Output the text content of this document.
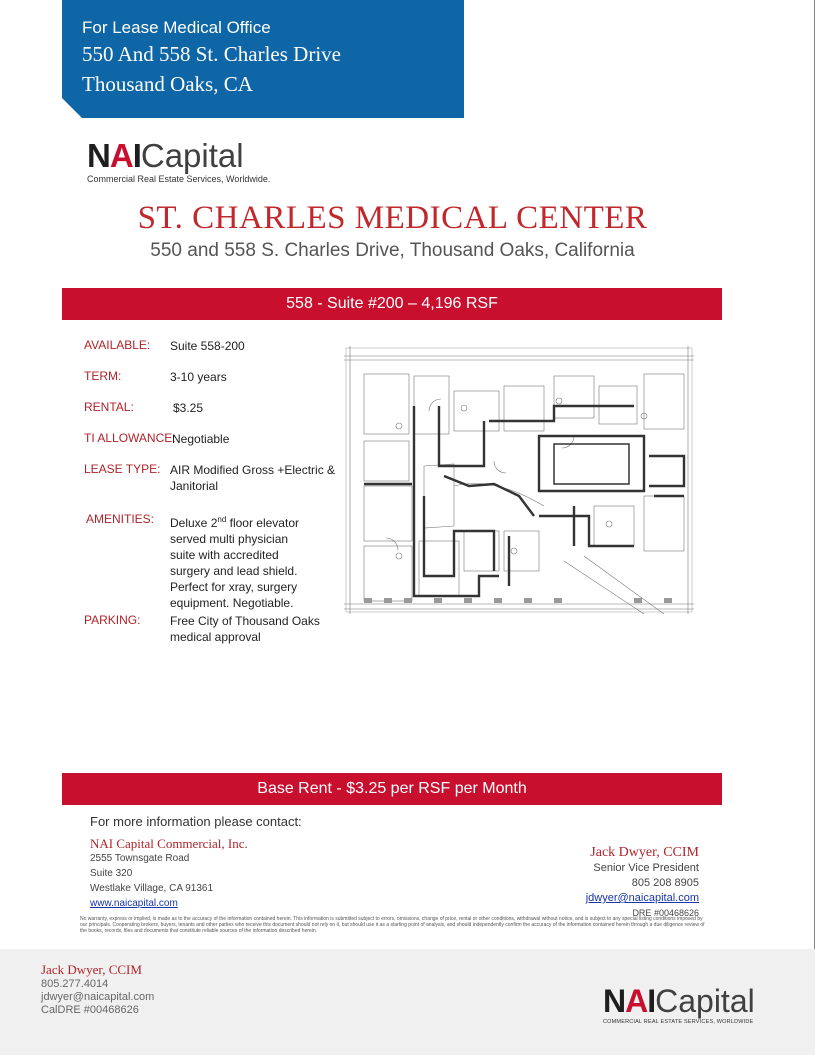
For Lease Medical Office
550 And 558 St. Charles Drive
Thousand Oaks, CA
NAICapital
Commercial Real Estate Services, Worldwide.
ST. CHARLES MEDICAL CENTER
550 and 558 S. Charles Drive, Thousand Oaks, California
558 - Suite #200 – 4,196 RSF
AVAILABLE: Suite 558-200
TERM:	3-10 years
RENTAL:	$3.25
TI ALLOWANCE:
Negotiable
LEASE TYPE: AIR Modified Gross +Electric &
Janitorial
AMENITIES: Deluxe 2nd floor elevator
served multi physician
suite with accredited
surgery and lead shield.
Perfect for xray, surgery
equipment. Negotiable.
PARKING: Free City of Thousand Oaks
medical approval
Base Rent - $3.25 per RSF per Month
For more information please contact:
NAI Capital Commercial, Inc.
2555 Townsgate Road
Suite 320
Westlake Village, CA 91361
www.naicapital.com
Jack Dwyer, CCIM
Senior Vice President
805 208 8905
jdwyer@naicapital.com
DRE #00468626
No warranty, express or implied, is made as to the accuracy of the information contained herein. This information is submitted subject to errors, omissions, change of price, rental or other conditions, withdrawal without notice, and is subject to any special listing conditions imposed by our principals. Cooperating brokers, buyers, tenants and other parties who receive this document should not rely on it, but should use it as a starting point of analysis, and should independently confirm the accuracy of the information contained herein through a due diligence review of the books, records, files and documents that constitute reliable sources of the information described herein.
Jack Dwyer, CCIM
805.277.4014
jdwyer@naicapital.com
CalDRE #00468626	NAICapital
COMMERCIAL REAL ESTATE SERVICES, WORLDWIDE
